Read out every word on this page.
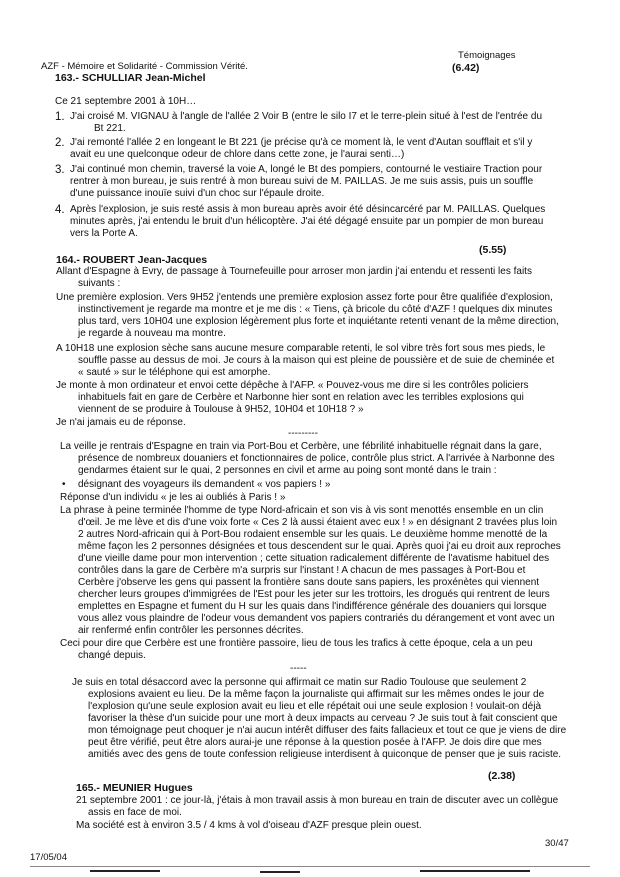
Témoignages
AZF - Mémoire et Solidarité - Commission Vérité.	(6.42)
163.- SCHULLIAR Jean-Michel
Ce 21 septembre 2001 à 10H…
1. J'ai croisé M. VIGNAU à l'angle de l'allée 2 Voir B (entre le silo I7 et le terre-plein situé à l'est de l'entrée du
Bt 221.
2. J'ai remonté l'allée 2 en longeant le Bt 221 (je précise qu'à ce moment là, le vent d'Autan soufflait et s'il y
avait eu une quelconque odeur de chlore dans cette zone, je l'aurai senti…)
3. J'ai continué mon chemin, traversé la voie A, longé le Bt des pompiers, contourné le vestiaire Traction pour
rentrer à mon bureau, je suis rentré à mon bureau suivi de M. PAILLAS. Je me suis assis, puis un souffle
d'une puissance inouïe suivi d'un choc sur l'épaule droite.
4. Après l'explosion, je suis resté assis à mon bureau après avoir été désincarcéré par M. PAILLAS. Quelques
minutes après, j'ai entendu le bruit d'un hélicoptère. J'ai été dégagé ensuite par un pompier de mon bureau
vers la Porte A.
(5.55)
164.- ROUBERT Jean-Jacques
Allant d'Espagne à Evry, de passage à Tournefeuille pour arroser mon jardin j'ai entendu et ressenti les faits
suivants :
Une première explosion. Vers 9H52 j'entends une première explosion assez forte pour être qualifiée d'explosion,
instinctivement je regarde ma montre et je me dis : « Tiens, çà bricole du côté d'AZF ! quelques dix minutes
plus tard, vers 10H04 une explosion légèrement plus forte et inquiétante retenti venant de la même direction,
je regarde à nouveau ma montre.
A 10H18 une explosion sèche sans aucune mesure comparable retenti, le sol vibre très fort sous mes pieds, le
souffle passe au dessus de moi. Je cours à la maison qui est pleine de poussière et de suie de cheminée et
« sauté » sur le téléphone qui est amorphe.
Je monte à mon ordinateur et envoi cette dépêche à l'AFP. « Pouvez-vous me dire si les contrôles policiers
inhabituels fait en gare de Cerbère et Narbonne hier sont en relation avec les terribles explosions qui
viennent de se produire à Toulouse à 9H52, 10H04 et 10H18 ? »
Je n'ai jamais eu de réponse.
---------
La veille je rentrais d'Espagne en train via Port-Bou et Cerbère, une fébrilité inhabituelle régnait dans la gare,
présence de nombreux douaniers et fonctionnaires de police, contrôle plus strict. A l'arrivée à Narbonne des
gendarmes étaient sur le quai, 2 personnes en civil et arme au poing sont monté dans le train :
• désignant des voyageurs ils demandent « vos papiers ! »
Réponse d'un individu « je les ai oubliés à Paris ! »
La phrase à peine terminée l'homme de type Nord-africain et son vis à vis sont menottés ensemble en un clin
d'œil. Je me lève et dis d'une voix forte « Ces 2 là aussi étaient avec eux ! » en désignant 2 travées plus loin
2 autres Nord-africain qui à Port-Bou rodaient ensemble sur les quais. Le deuxième homme menotté de la
même façon les 2 personnes désignées et tous descendent sur le quai. Après quoi j'ai eu droit aux reproches
d'une vieille dame pour mon intervention ; cette situation radicalement différente de l'avatisme habituel des
contrôles dans la gare de Cerbère m'a surpris sur l'instant ! A chacun de mes passages à Port-Bou et
Cerbère j'observe les gens qui passent la frontière sans doute sans papiers, les proxénètes qui viennent
chercher leurs groupes d'immigrées de l'Est pour les jeter sur les trottoirs, les drogués qui rentrent de leurs
emplettes en Espagne et fument du H sur les quais dans l'indifférence générale des douaniers qui lorsque
vous allez vous plaindre de l'odeur vous demandent vos papiers contrariés du dérangement et vont avec un
air renfermé enfin contrôler les personnes décrites.
Ceci pour dire que Cerbère est une frontière passoire, lieu de tous les trafics à cette époque, cela a un peu
changé depuis.
-----
Je suis en total désaccord avec la personne qui affirmait ce matin sur Radio Toulouse que seulement 2
explosions avaient eu lieu. De la même façon la journaliste qui affirmait sur les mêmes ondes le jour de
l'explosion qu'une seule explosion avait eu lieu et elle répétait oui une seule explosion ! voulait-on déjà
favoriser la thèse d'un suicide pour une mort à deux impacts au cerveau ? Je suis tout à fait conscient que
mon témoignage peut choquer je n'ai aucun intérêt diffuser des faits fallacieux et tout ce que je viens de dire
peut être vérifié, peut être alors aurai-je une réponse à la question posée à l'AFP. Je dois dire que mes
amitiés avec des gens de toute confession religieuse interdisent à quiconque de penser que je suis raciste.
(2.38)
165.- MEUNIER Hugues
21 septembre 2001 : ce jour-là, j'étais à mon travail assis à mon bureau en train de discuter avec un collègue
assis en face de moi.
Ma société est à environ 3.5 / 4 kms à vol d'oiseau d'AZF presque plein ouest.
30/47
17/05/04
